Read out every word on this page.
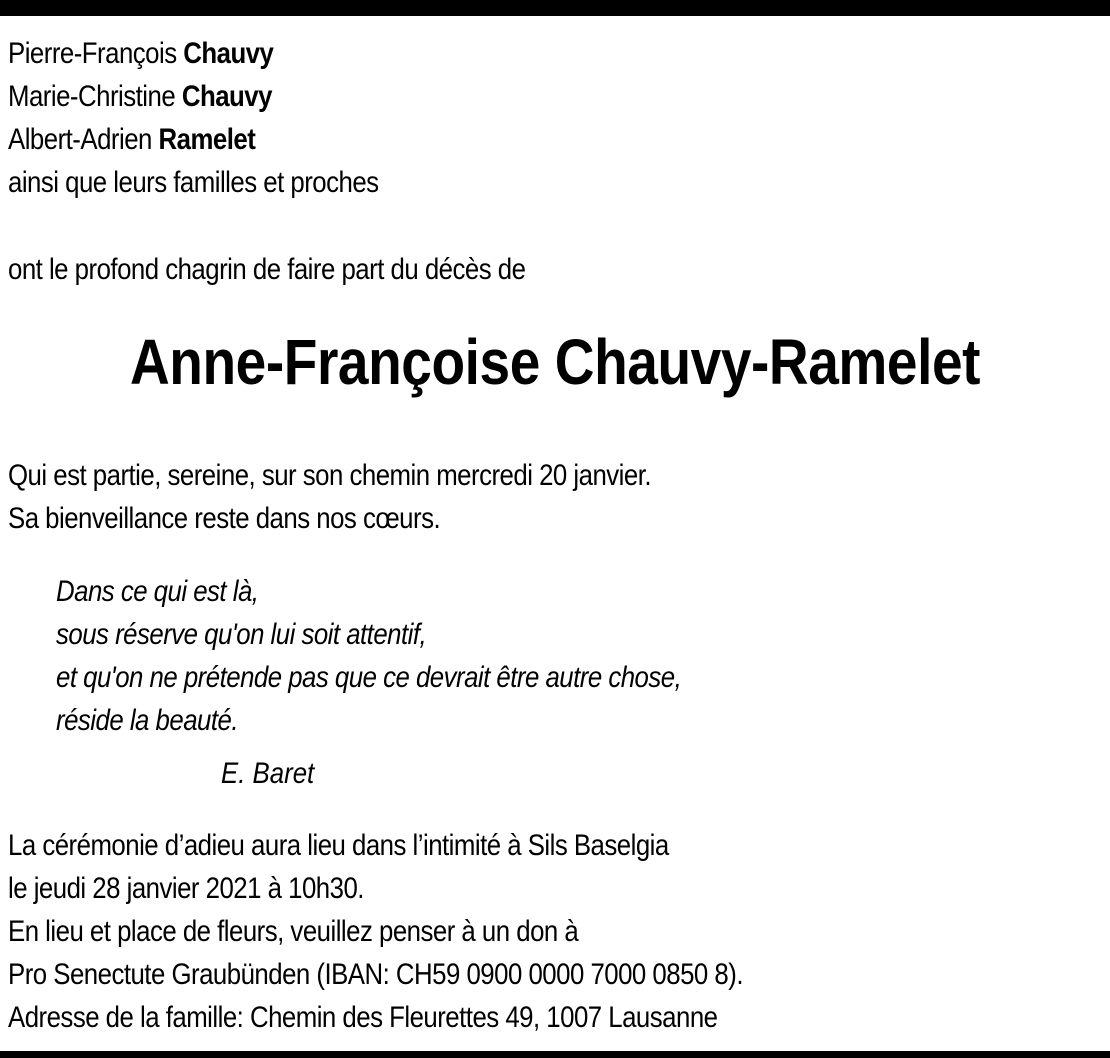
Pierre-François Chauvy
Marie-Christine Chauvy
Albert-Adrien Ramelet
ainsi que leurs familles et proches
ont le profond chagrin de faire part du décès de
Anne-Françoise Chauvy-Ramelet
Qui est partie, sereine, sur son chemin mercredi 20 janvier.
Sa bienveillance reste dans nos cœurs.
Dans ce qui est là,
sous réserve qu'on lui soit attentif,
et qu'on ne prétende pas que ce devrait être autre chose,
réside la beauté.
E. Baret
La cérémonie d’adieu aura lieu dans l’intimité à Sils Baselgia
le jeudi 28 janvier 2021 à 10h30.
En lieu et place de fleurs, veuillez penser à un don à
Pro Senectute Graubünden (IBAN: CH59 0900 0000 7000 0850 8).
Adresse de la famille: Chemin des Fleurettes 49, 1007 Lausanne
